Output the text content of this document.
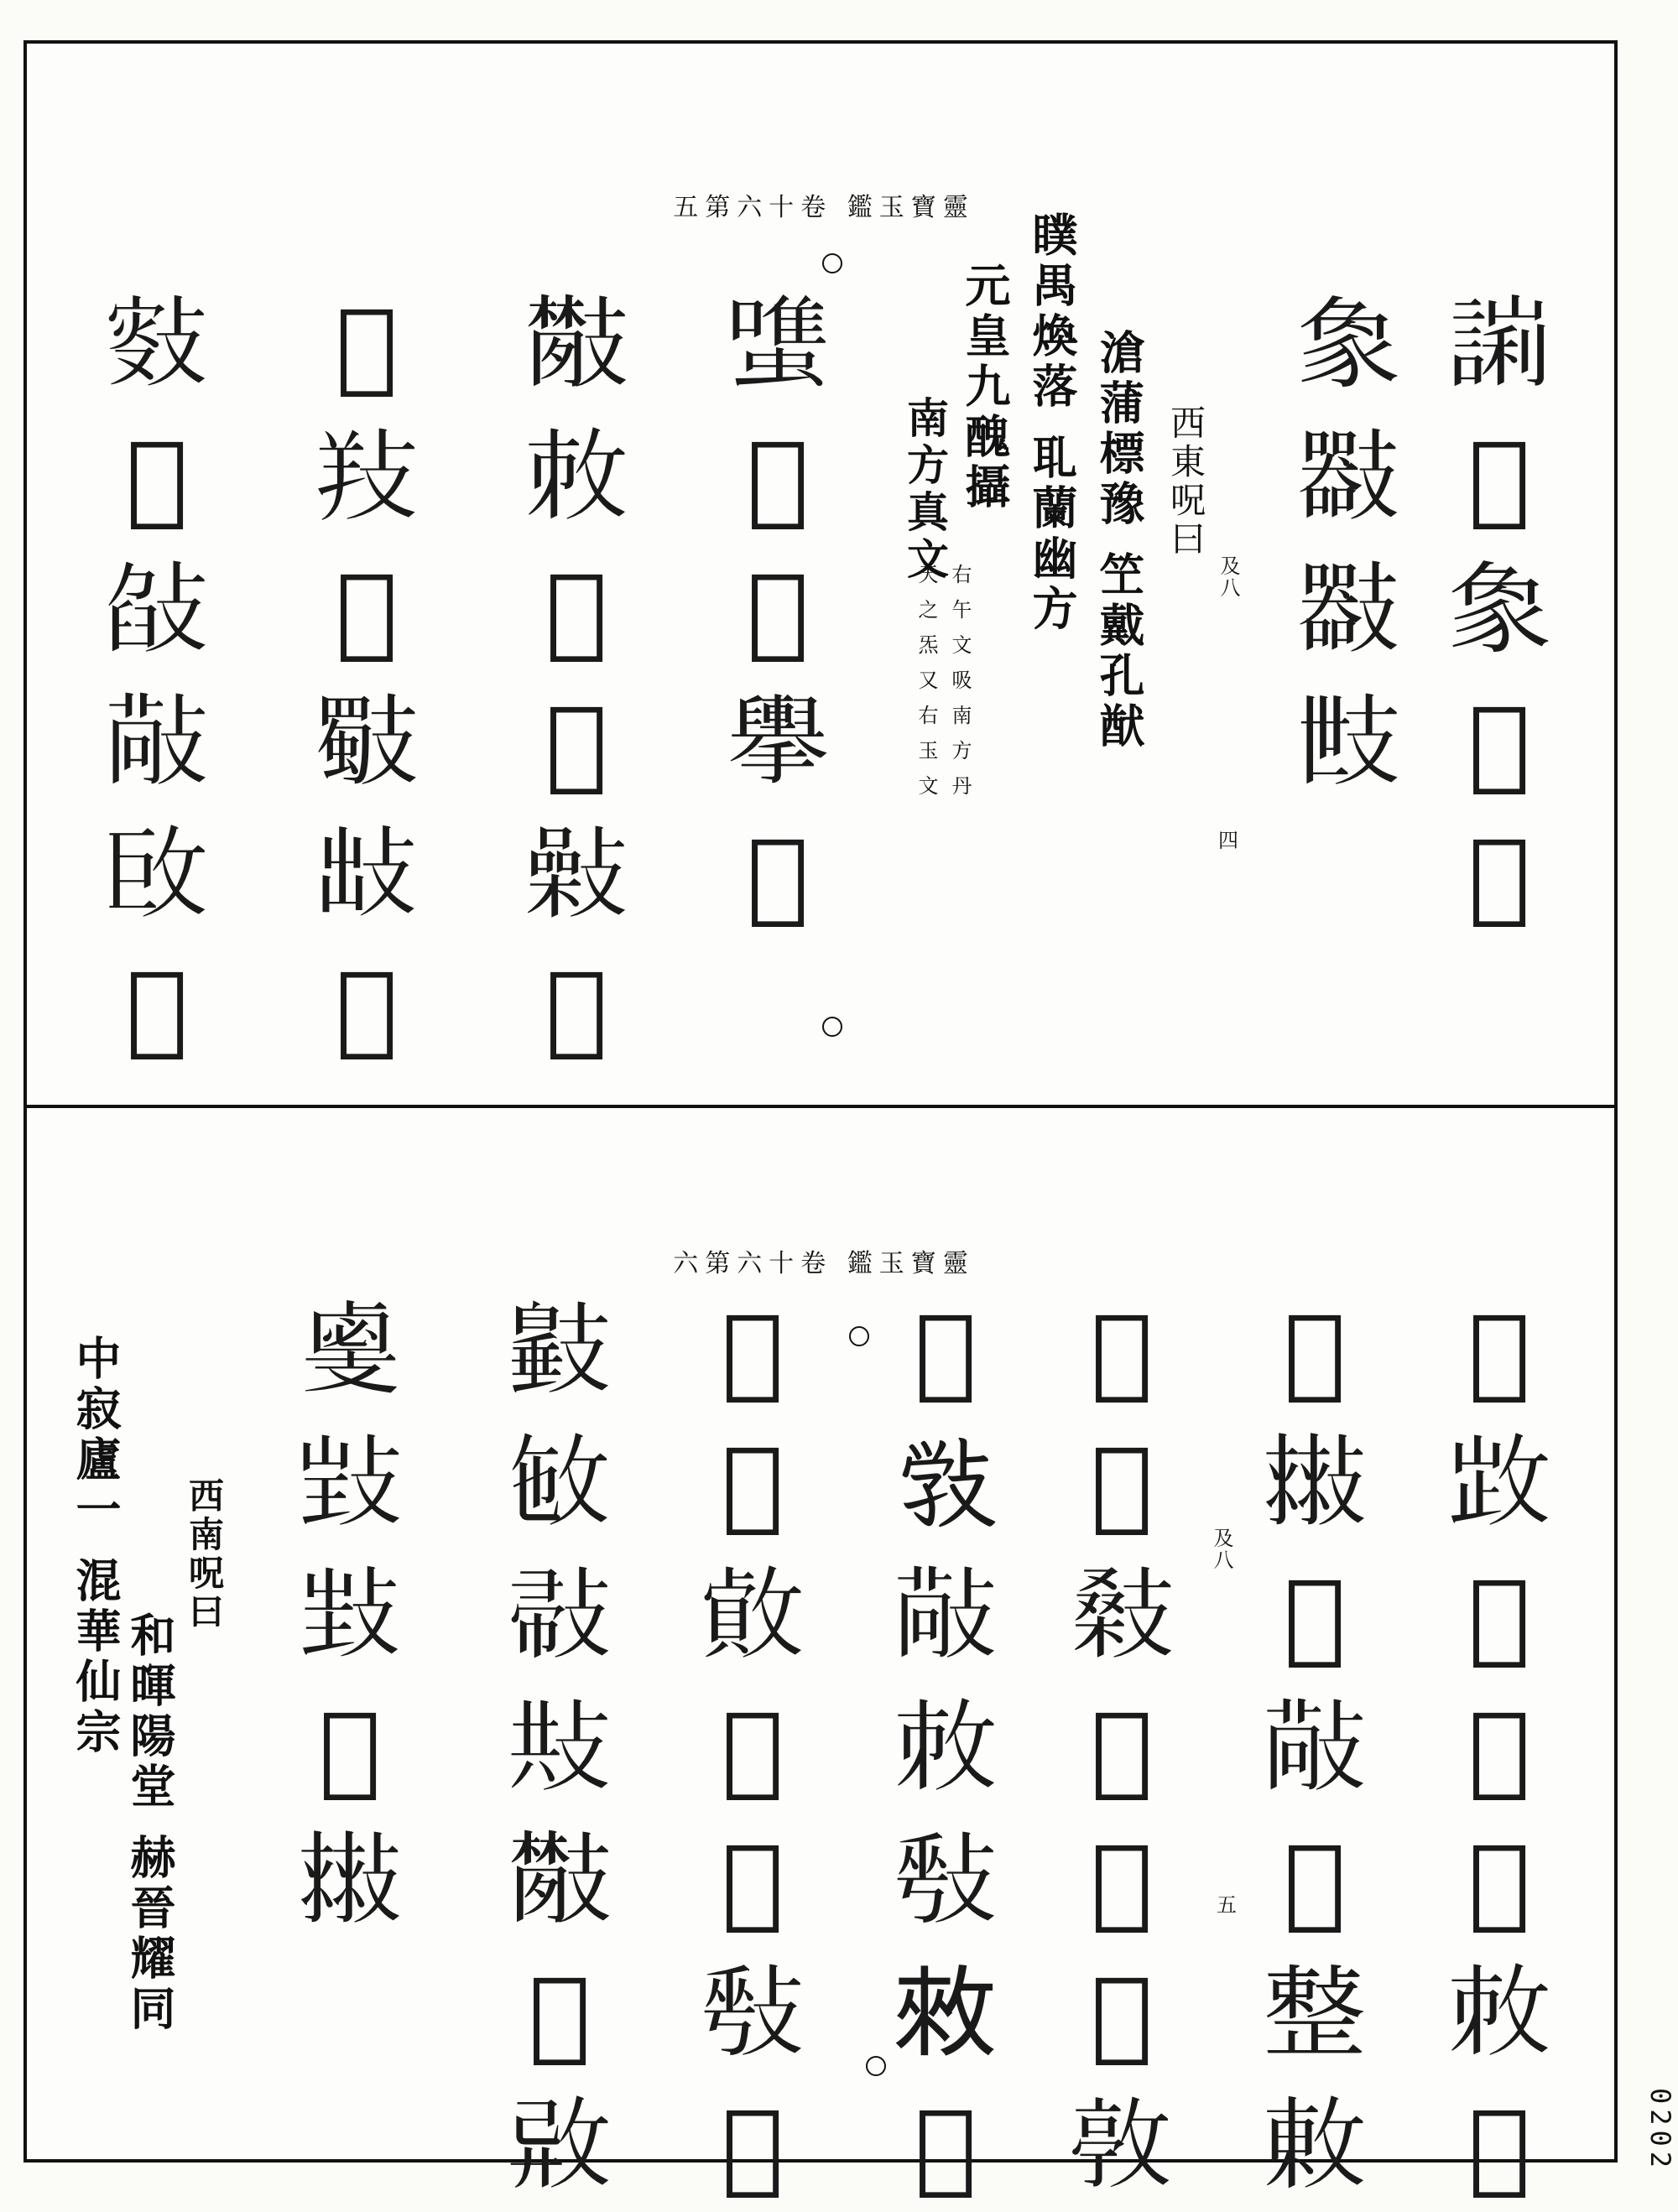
五第六十卷 鑑玉寶靈
𧪙
𠚕
𧰼
𢿸
𢿸
𧰼
𢻪
𢻪
𢺿
𧐌
𢼇
𢷄
𢹏
𢺥
𢻦
𢼋
𢽼
𢼂
𢿾
𢿇
𢻆
𢼝
𢼔
𢻧
𢼍
𢽐
𢾐
𢾝
𢽣
𢾠
𢼑
𢽖
西東呪曰
及八
滄蒲標豫 笁戴孔猷
瞨禺煥落 耴蘭幽方
元皇九醜攝
南方真文
右午文吸南方丹
天之炁又右玉文
四
六第六十卷 鑑玉寶靈
𢼭
𢽗
𢽐
𢽖
𢾤
𢼋
𢿗
𢾟
𢿷
𢽢
𢾠
𢼭
𢿫
𢽬
𢽖
𢿖
𢻚
𢾤
𢼈
𢽢
𢾛
𢼬
𢽾
𢾠
𢼋
𢽥
𢽟
𢾞
𢾟
𢼭
𢿓
𢽋
𢾡
𢽥
𢿗
𢻩
𢼏
𢽪
𢼦
𢻦
𢽎
𢼷
𢻛
𢽃
𢼟
𢼫
𢿷
及八
五
西南呪曰
和暉陽堂 赫晉耀同
中寂廬一 混華仙宗
0202
